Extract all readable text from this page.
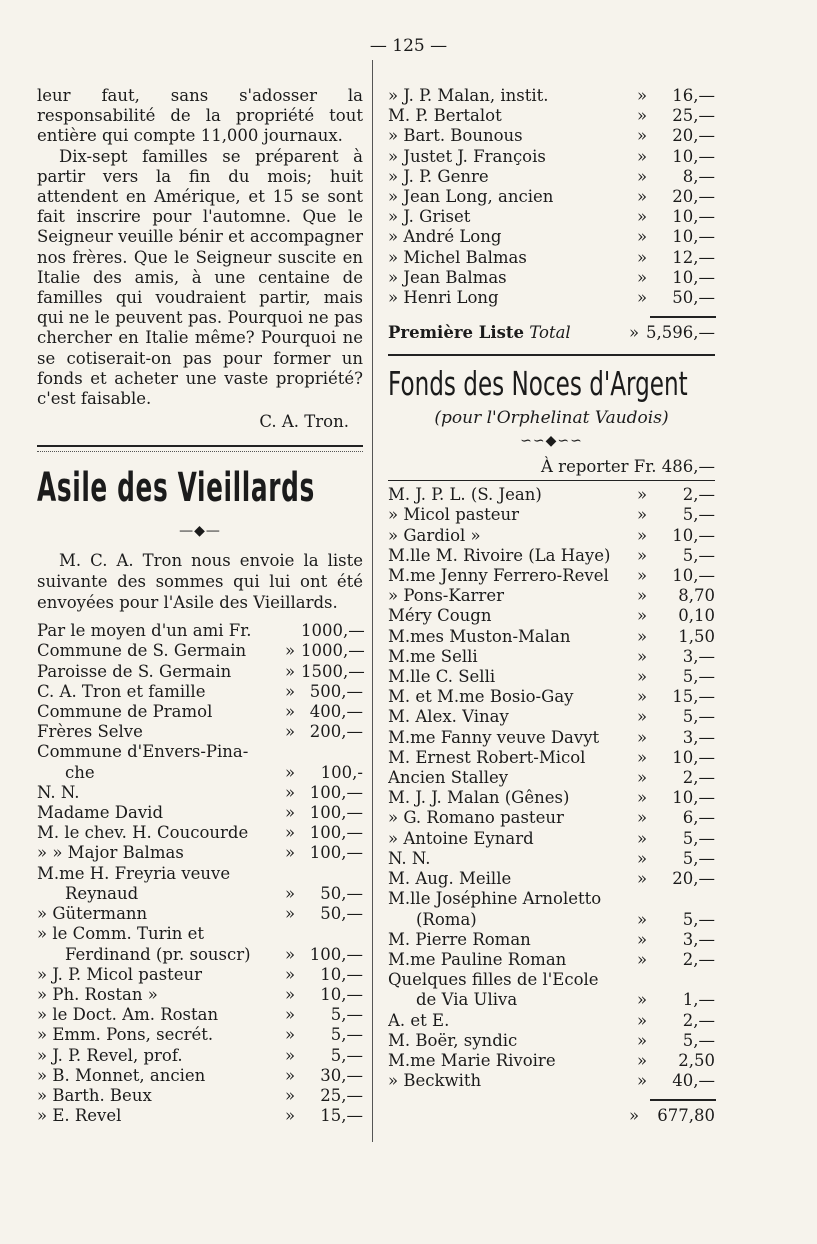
— 125 —

leur faut, sans s'adosser la responsabilité de la propriété tout entière qui compte 11,000 journaux.

Dix-sept familles se préparent à partir vers la fin du mois; huit attendent en Amérique, et 15 se sont fait inscrire pour l'automne. Que le Seigneur veuille bénir et accompagner nos frères. Que le Seigneur suscite en Italie des amis, à une centaine de familles qui voudraient partir, mais qui ne le peuvent pas. Pourquoi ne pas chercher en Italie même? Pourquoi ne se cotiserait-on pas pour former un fonds et acheter une vaste propriété? c'est faisable.

C. A. Tron.

Asile des Vieillards
—◆—

M. C. A. Tron nous envoie la liste suivante des sommes qui lui ont été envoyées pour l'Asile des Vieillards.

Par le moyen d'un ami Fr.	1000,—
Commune de S. Germain	» 1000,—
Paroisse de S. Germain	» 1500,—
C. A. Tron et famille	» 500,—
Commune de Pramol	» 400,—
Frères Selve	» 200,—
Commune d'Envers-Pina-
che	»	100,-
N. N.	» 100,—
Madame David	» 100,—
M. le chev. H. Coucourde	» 100,—
» » Major Balmas	» 100,—
M.me H. Freyria veuve
Reynaud	»	50,—
» Gütermann	»	50,—
» le Comm. Turin et
Ferdinand (pr. souscr)	» 100,—
» J. P. Micol pasteur	»	10,—
» Ph. Rostan »	»	10,—
» le Doct. Am. Rostan	»	5,—
» Emm. Pons, secrét.	»	5,—
» J. P. Revel, prof.	»	5,—
» B. Monnet, ancien	»	30,—
» Barth. Beux	»	25,—
» E. Revel	»	15,—
» J. P. Malan, instit.	»	16,—
M. P. Bertalot	»	25,—
» Bart. Bounous	»	20,—
» Justet J. François	»	10,—
» J. P. Genre	»	8,—
» Jean Long, ancien	»	20,—
» J. Griset	»	10,—
» André Long	»	10,—
» Michel Balmas	»	12,—
» Jean Balmas	»	10,—
» Henri Long	»	50,—
Première Liste Total	» 5,596,—
Fonds des Noces d'Argent
(pour l'Orphelinat Vaudois)
∽∽◆∽∽
À reporter Fr. 486,—
M. J. P. L. (S. Jean)	»	2,—
» Micol pasteur	»	5,—
» Gardiol »	»	10,—
M.lle M. Rivoire (La Haye)	»	5,—
M.me Jenny Ferrero-Revel	»	10,—
» Pons-Karrer	»	8,70
Méry Cougn	»	0,10
M.mes Muston-Malan	»	1,50
M.me Selli	»	3,—
M.lle C. Selli	»	5,—
M. et M.me Bosio-Gay	»	15,—
M. Alex. Vinay	»	5,—
M.me Fanny veuve Davyt	»	3,—
M. Ernest Robert-Micol	»	10,—
Ancien Stalley	»	2,—
M. J. J. Malan (Gênes)	»	10,—
» G. Romano pasteur	»	6,—
» Antoine Eynard	»	5,—
N. N.	»	5,—
M. Aug. Meille	»	20,—
M.lle Joséphine Arnoletto
(Roma)	»	5,—
M. Pierre Roman	»	3,—
M.me Pauline Roman	»	2,—
Quelques filles de l'Ecole
de Via Uliva	»	1,—
A. et E.	»	2,—
M. Boër, syndic	»	5,—
M.me Marie Rivoire	»	2,50
» Beckwith	»	40,—
»	677,80
